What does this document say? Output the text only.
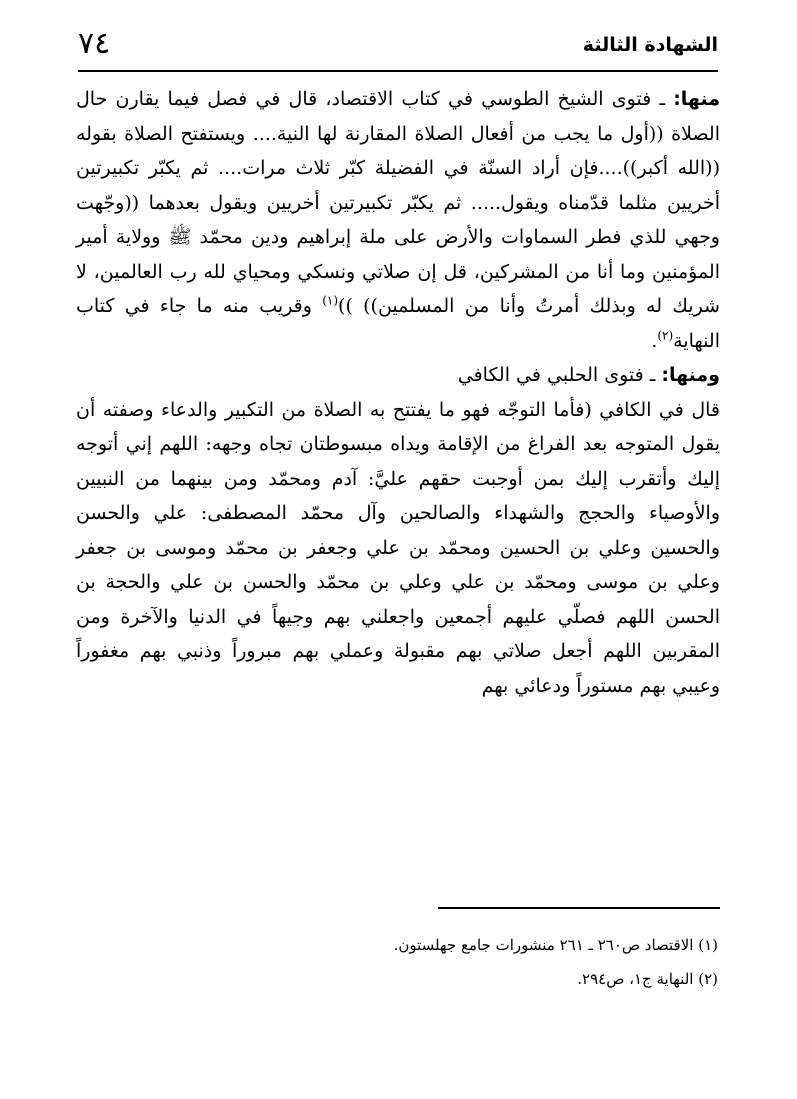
الشهادة الثالثة
٧٤

منها: ـ فتوى الشيخ الطوسي في كتاب الاقتصاد، قال في فصل فيما يقارن حال الصلاة ((أول ما يجب من أفعال الصلاة المقارنة لها النية.... ويستفتح الصلاة بقوله ((الله أكبر))....فإن أراد السنّة في الفضيلة كبّر ثلاث مرات.... ثم يكبّر تكبيرتين أخريين مثلما قدّمناه ويقول..... ثم يكبّر تكبيرتين أخريين ويقول بعدهما ((وجّهت وجهي للذي فطر السماوات والأرض على ملة إبراهيم ودين محمّد ﷺ وولاية أمير المؤمنين وما أنا من المشركين، قل إن صلاتي ونسكي ومحياي لله رب العالمين، لا شريك له وبذلك أمرتُ وأنا من المسلمين)) ))$^{(١)}$ وقريب منه ما جاء في كتاب النهاية$^{(٢)}$.

ومنها: ـ فتوى الحلبي في الكافي

قال في الكافي (فأما التوجّه فهو ما يفتتح به الصلاة من التكبير والدعاء وصفته أن يقول المتوجه بعد الفراغ من الإقامة ويداه مبسوطتان تجاه وجهه: اللهم إني أتوجه إليك وأتقرب إليك بمن أوجبت حقهم عليَّ: آدم ومحمّد ومن بينهما من النبيين والأوصياء والحجج والشهداء والصالحين وآل محمّد المصطفى: علي والحسن والحسين وعلي بن الحسين ومحمّد بن علي وجعفر بن محمّد وموسى بن جعفر وعلي بن موسى ومحمّد بن علي وعلي بن محمّد والحسن بن علي والحجة بن الحسن اللهم فصلّي عليهم أجمعين واجعلني بهم وجيهاً في الدنيا والآخرة ومن المقربين اللهم أجعل صلاتي بهم مقبولة وعملي بهم مبروراً وذنبي بهم مغفوراً وعيبي بهم مستوراً ودعائي بهم

(١) الاقتصاد ص٢٦٠ ـ ٢٦١ منشورات جامع جهلستون.

(٢) النهاية ج١، ص٢٩٤.
